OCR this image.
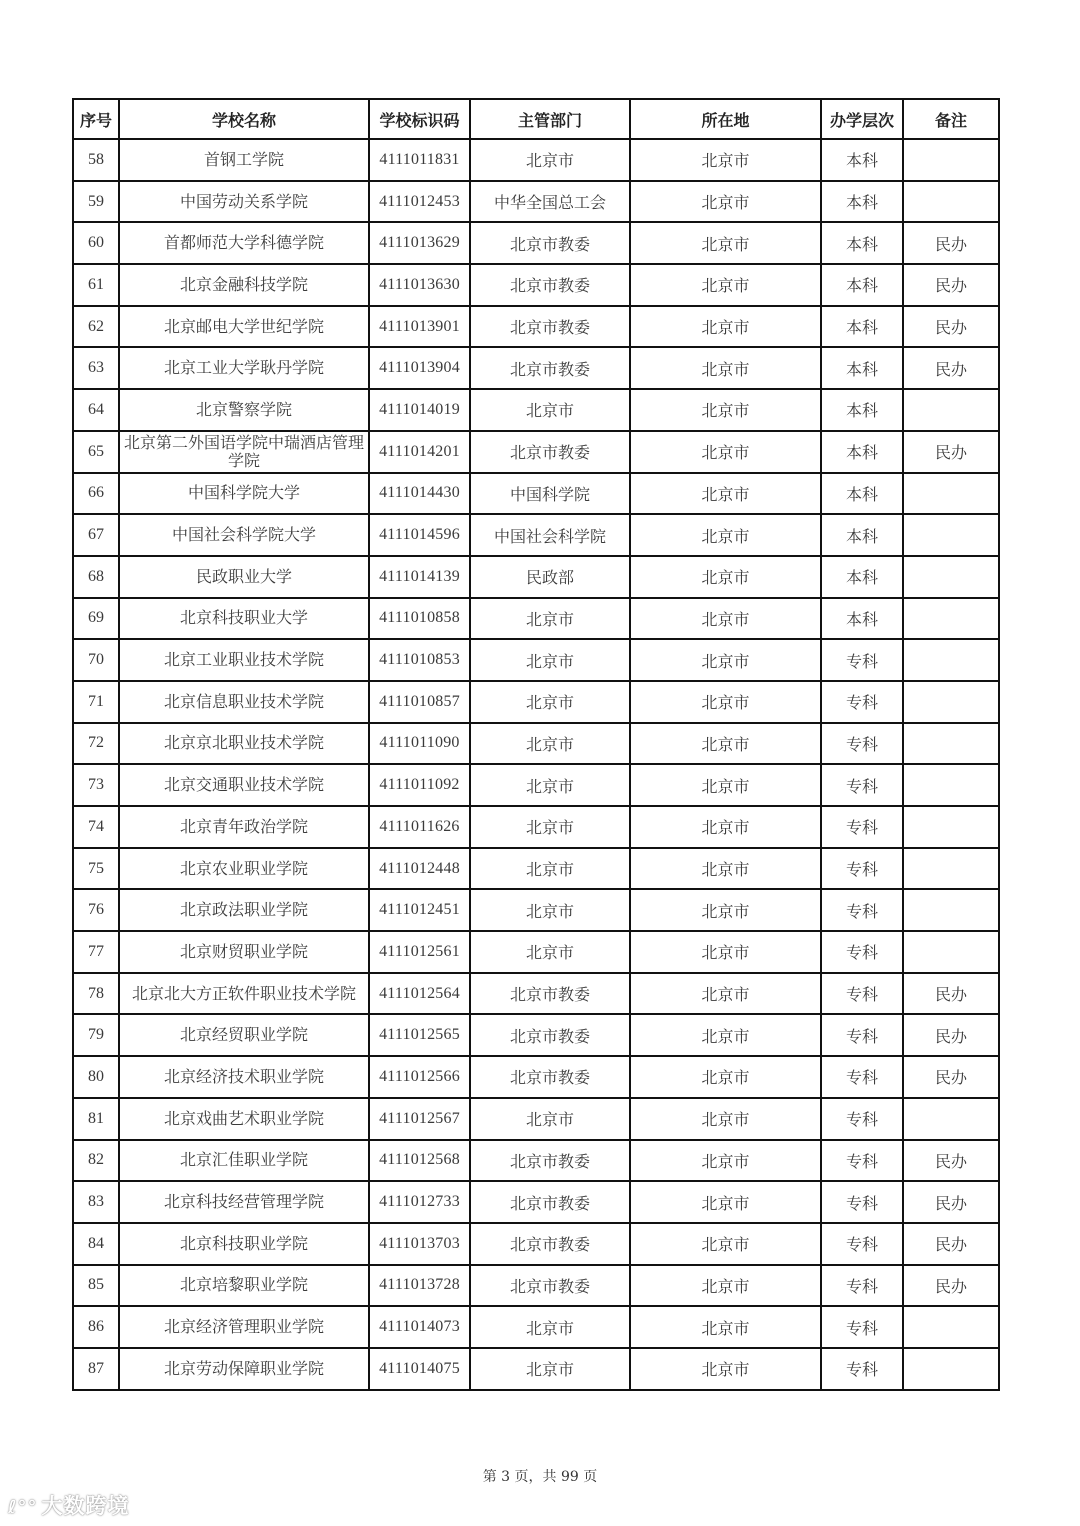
序号	学校名称	学校标识码	主管部门	所在地	办学层次	备注
58	首钢工学院	4111011831	北京市	北京市	本科	
59	中国劳动关系学院	4111012453	中华全国总工会	北京市	本科	
60	首都师范大学科德学院	4111013629	北京市教委	北京市	本科	民办
61	北京金融科技学院	4111013630	北京市教委	北京市	本科	民办
62	北京邮电大学世纪学院	4111013901	北京市教委	北京市	本科	民办
63	北京工业大学耿丹学院	4111013904	北京市教委	北京市	本科	民办
64	北京警察学院	4111014019	北京市	北京市	本科	
65	北京第二外国语学院中瑞酒店管理学院	4111014201	北京市教委	北京市	本科	民办
66	中国科学院大学	4111014430	中国科学院	北京市	本科	
67	中国社会科学院大学	4111014596	中国社会科学院	北京市	本科	
68	民政职业大学	4111014139	民政部	北京市	本科	
69	北京科技职业大学	4111010858	北京市	北京市	本科	
70	北京工业职业技术学院	4111010853	北京市	北京市	专科	
71	北京信息职业技术学院	4111010857	北京市	北京市	专科	
72	北京京北职业技术学院	4111011090	北京市	北京市	专科	
73	北京交通职业技术学院	4111011092	北京市	北京市	专科	
74	北京青年政治学院	4111011626	北京市	北京市	专科	
75	北京农业职业学院	4111012448	北京市	北京市	专科	
76	北京政法职业学院	4111012451	北京市	北京市	专科	
77	北京财贸职业学院	4111012561	北京市	北京市	专科	
78	北京北大方正软件职业技术学院	4111012564	北京市教委	北京市	专科	民办
79	北京经贸职业学院	4111012565	北京市教委	北京市	专科	民办
80	北京经济技术职业学院	4111012566	北京市教委	北京市	专科	民办
81	北京戏曲艺术职业学院	4111012567	北京市	北京市	专科	
82	北京汇佳职业学院	4111012568	北京市教委	北京市	专科	民办
83	北京科技经营管理学院	4111012733	北京市教委	北京市	专科	民办
84	北京科技职业学院	4111013703	北京市教委	北京市	专科	民办
85	北京培黎职业学院	4111013728	北京市教委	北京市	专科	民办
86	北京经济管理职业学院	4111014073	北京市	北京市	专科	
87	北京劳动保障职业学院	4111014075	北京市	北京市	专科	
第 3 页，共 99 页
ℓ°° 大数跨境
